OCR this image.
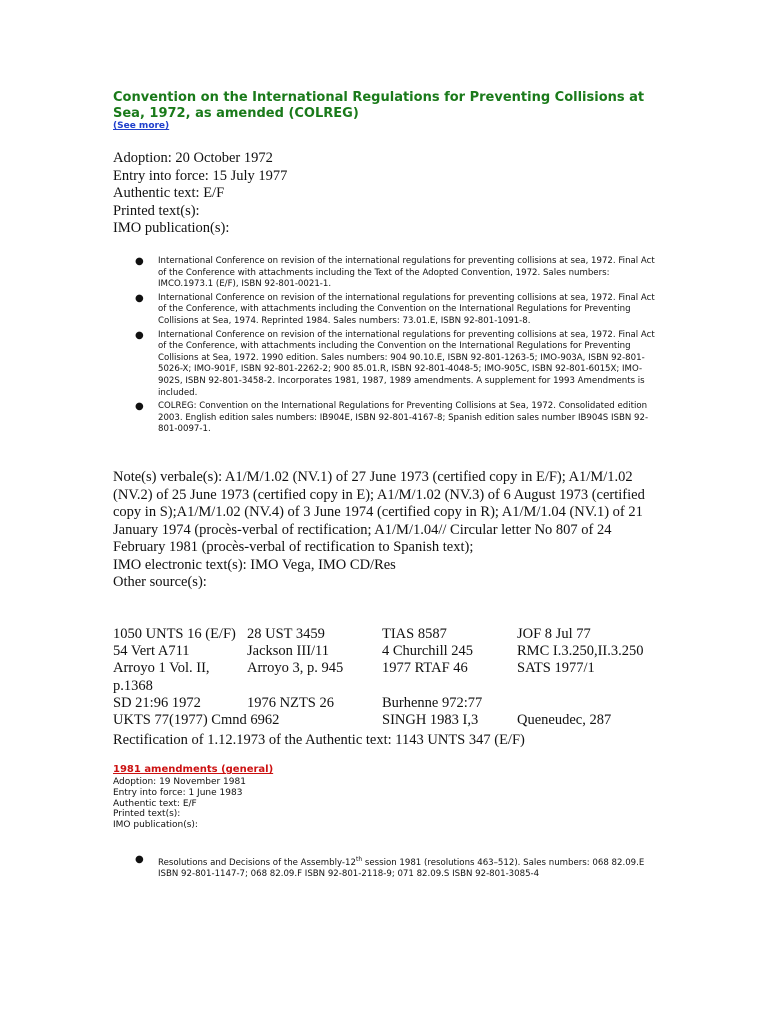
Convention on the International Regulations for Preventing Collisions at Sea, 1972, as amended (COLREG)
(See more)
Adoption: 20 October 1972
Entry into force: 15 July 1977
Authentic text: E/F
Printed text(s):
IMO publication(s):
● International Conference on revision of the international regulations for preventing collisions at sea, 1972. Final Act of the Conference with attachments including the Text of the Adopted Convention, 1972. Sales numbers: IMCO.1973.1 (E/F), ISBN 92-801-0021-1.
● International Conference on revision of the international regulations for preventing collisions at sea, 1972. Final Act of the Conference, with attachments including the Convention on the International Regulations for Preventing Collisions at Sea, 1974. Reprinted 1984. Sales numbers: 73.01.E, ISBN 92-801-1091-8.
● International Conference on revision of the international regulations for preventing collisions at sea, 1972. Final Act of the Conference, with attachments including the Convention on the International Regulations for Preventing Collisions at Sea, 1972. 1990 edition. Sales numbers: 904 90.10.E, ISBN 92-801-1263-5; IMO-903A, ISBN 92-801-5026-X; IMO-901F, ISBN 92-801-2262-2; 900 85.01.R, ISBN 92-801-4048-5; IMO-905C, ISBN 92-801-6015X; IMO-902S, ISBN 92-801-3458-2. Incorporates 1981, 1987, 1989 amendments. A supplement for 1993 Amendments is included.
● COLREG: Convention on the International Regulations for Preventing Collisions at Sea, 1972. Consolidated edition 2003. English edition sales numbers: IB904E, ISBN 92-801-4167-8; Spanish edition sales number IB904S ISBN 92-801-0097-1.
Note(s) verbale(s): A1/M/1.02 (NV.1) of 27 June 1973 (certified copy in E/F); A1/M/1.02 (NV.2) of 25 June 1973 (certified copy in E); A1/M/1.02 (NV.3) of 6 August 1973 (certified copy in S);A1/M/1.02 (NV.4) of 3 June 1974 (certified copy in R); A1/M/1.04 (NV.1) of 21 January 1974 (procès-verbal of rectification; A1/M/1.04// Circular letter No 807 of 24 February 1981 (procès-verbal of rectification to Spanish text);
IMO electronic text(s): IMO Vega, IMO CD/Res
Other source(s):
1050 UNTS 16 (E/F)	28 UST 3459	TIAS 8587	JOF 8 Jul 77
54 Vert A711	Jackson III/11	4 Churchill 245	RMC I.3.250,II.3.250
Arroyo 1 Vol. II, p.1368	Arroyo 3, p. 945	1977 RTAF 46	SATS 1977/1
SD 21:96 1972	1976 NZTS 26	Burhenne 972:77	
UKTS 77(1977) Cmnd 6962		SINGH 1983 I,3	Queneudec, 287
Rectification of 1.12.1973 of the Authentic text: 1143 UNTS 347 (E/F)
1981 amendments (general)
Adoption: 19 November 1981
Entry into force: 1 June 1983
Authentic text: E/F
Printed text(s):
IMO publication(s):
● Resolutions and Decisions of the Assembly-12th session 1981 (resolutions 463–512). Sales numbers: 068 82.09.E ISBN 92-801-1147-7; 068 82.09.F ISBN 92-801-2118-9; 071 82.09.S ISBN 92-801-3085-4
